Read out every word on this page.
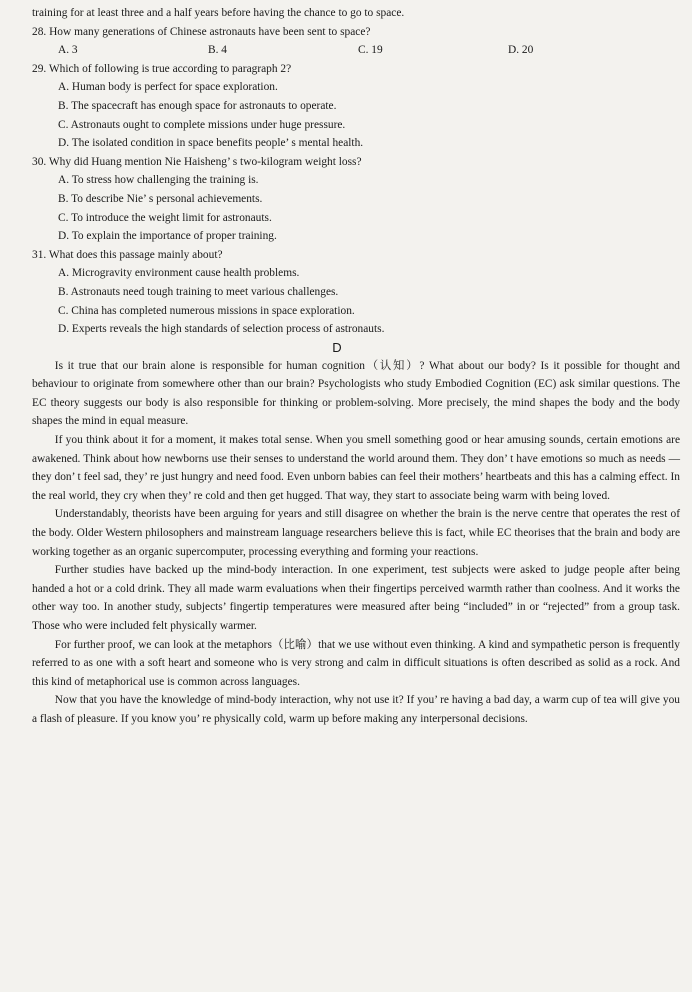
training for at least three and a half years before having the chance to go to space.

28. How many generations of Chinese astronauts have been sent to space?

A. 3	B. 4	C. 19	D. 20

29. Which of following is true according to paragraph 2?

A. Human body is perfect for space exploration.

B. The spacecraft has enough space for astronauts to operate.

C. Astronauts ought to complete missions under huge pressure.

D. The isolated condition in space benefits people’ s mental health.

30. Why did Huang mention Nie Haisheng’ s two-kilogram weight loss?

A. To stress how challenging the training is.

B. To describe Nie’ s personal achievements.

C. To introduce the weight limit for astronauts.

D. To explain the importance of proper training.

31. What does this passage mainly about?

A. Microgravity environment cause health problems.

B. Astronauts need tough training to meet various challenges.

C. China has completed numerous missions in space exploration.

D. Experts reveals the high standards of selection process of astronauts.

D

Is it true that our brain alone is responsible for human cognition（认知）? What about our body? Is it possible for thought and behaviour to originate from somewhere other than our brain? Psychologists who study Embodied Cognition (EC) ask similar questions. The EC theory suggests our body is also responsible for thinking or problem-solving. More precisely, the mind shapes the body and the body shapes the mind in equal measure.

If you think about it for a moment, it makes total sense. When you smell something good or hear amusing sounds, certain emotions are awakened. Think about how newborns use their senses to understand the world around them. They don’ t have emotions so much as needs — they don’ t feel sad, they’ re just hungry and need food. Even unborn babies can feel their mothers’ heartbeats and this has a calming effect. In the real world, they cry when they’ re cold and then get hugged. That way, they start to associate being warm with being loved.

Understandably, theorists have been arguing for years and still disagree on whether the brain is the nerve centre that operates the rest of the body. Older Western philosophers and mainstream language researchers believe this is fact, while EC theorises that the brain and body are working together as an organic supercomputer, processing everything and forming your reactions.

Further studies have backed up the mind-body interaction. In one experiment, test subjects were asked to judge people after being handed a hot or a cold drink. They all made warm evaluations when their fingertips perceived warmth rather than coolness. And it works the other way too. In another study, subjects’ fingertip temperatures were measured after being “included” in or “rejected” from a group task. Those who were included felt physically warmer.

For further proof, we can look at the metaphors（比喻）that we use without even thinking. A kind and sympathetic person is frequently referred to as one with a soft heart and someone who is very strong and calm in difficult situations is often described as solid as a rock. And this kind of metaphorical use is common across languages.

Now that you have the knowledge of mind-body interaction, why not use it? If you’ re having a bad day, a warm cup of tea will give you a flash of pleasure. If you know you’ re physically cold, warm up before making any interpersonal decisions.
